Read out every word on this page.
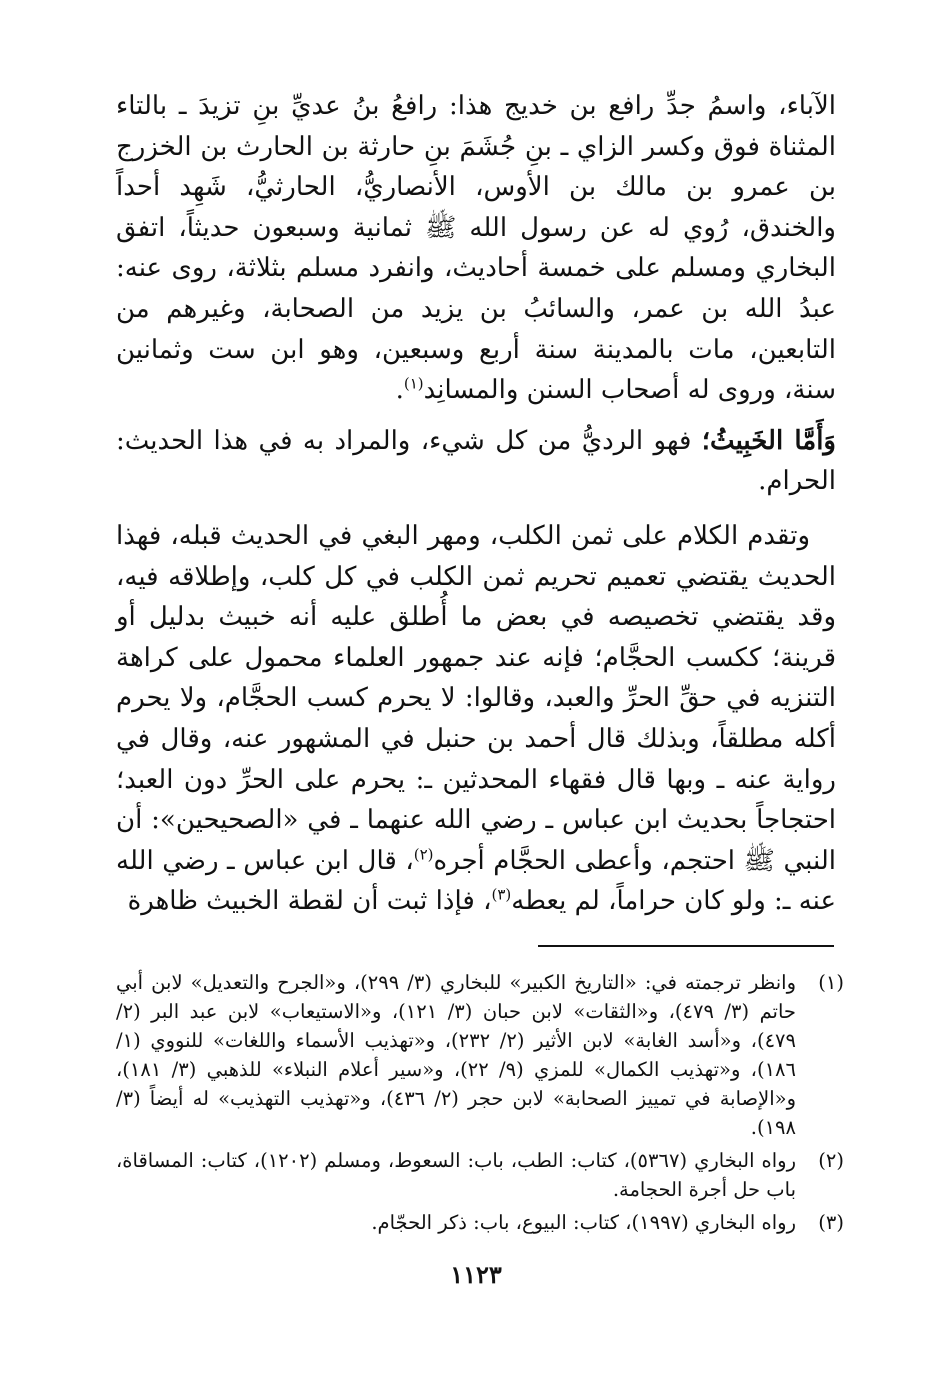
الآباء، واسمُ جدِّ رافع بن خديج هذا: رافعُ بنُ عديِّ بنِ تزيدَ ـ بالتاء المثناة فوق وكسر الزاي ـ بنِ جُشَمَ بنِ حارثة بن الحارث بن الخزرج بن عمرو بن مالك بن الأوس، الأنصاريُّ، الحارثيُّ، شَهِد أحداً والخندق، رُوي له عن رسول الله ﷺ ثمانية وسبعون حديثاً، اتفق البخاري ومسلم على خمسة أحاديث، وانفرد مسلم بثلاثة، روى عنه: عبدُ الله بن عمر، والسائبُ بن يزيد من الصحابة، وغيرهم من التابعين، مات بالمدينة سنة أربع وسبعين، وهو ابن ست وثمانين سنة، وروى له أصحاب السنن والمسانِد$^{(١)}$.

وَأَمَّا الخَبِيثُ؛ فهو الرديُّ من كل شيء، والمراد به في هذا الحديث: الحرام.

وتقدم الكلام على ثمن الكلب، ومهر البغي في الحديث قبله، فهذا الحديث يقتضي تعميم تحريم ثمن الكلب في كل كلب، وإطلاقه فيه، وقد يقتضي تخصيصه في بعض ما أُطلق عليه أنه خبيث بدليل أو قرينة؛ ككسب الحجَّام؛ فإنه عند جمهور العلماء محمول على كراهة التنزيه في حقِّ الحرِّ والعبد، وقالوا: لا يحرم كسب الحجَّام، ولا يحرم أكله مطلقاً، وبذلك قال أحمد بن حنبل في المشهور عنه، وقال في رواية عنه ـ وبها قال فقهاء المحدثين ـ: يحرم على الحرِّ دون العبد؛ احتجاجاً بحديث ابن عباس ـ رضي الله عنهما ـ في «الصحيحين»: أن النبي ﷺ احتجم، وأعطى الحجَّام أجره$^{(٢)}$، قال ابن عباس ـ رضي الله عنه ـ: ولو كان حراماً، لم يعطه$^{(٣)}$، فإذا ثبت أن لقطة الخبيث ظاهرة

(١)
وانظر ترجمته في: «التاريخ الكبير» للبخاري (٣/ ٢٩٩)، و«الجرح والتعديل» لابن أبي حاتم (٣/ ٤٧٩)، و«الثقات» لابن حبان (٣/ ١٢١)، و«الاستيعاب» لابن عبد البر (٢/ ٤٧٩)، و«أسد الغابة» لابن الأثير (٢/ ٢٣٢)، و«تهذيب الأسماء واللغات» للنووي (١/ ١٨٦)، و«تهذيب الكمال» للمزي (٩/ ٢٢)، و«سير أعلام النبلاء» للذهبي (٣/ ١٨١)، و«الإصابة في تمييز الصحابة» لابن حجر (٢/ ٤٣٦)، و«تهذيب التهذيب» له أيضاً (٣/ ١٩٨).
(٢)
رواه البخاري (٥٣٦٧)، كتاب: الطب، باب: السعوط، ومسلم (١٢٠٢)، كتاب: المساقاة، باب حل أجرة الحجامة.
(٣)
رواه البخاري (١٩٩٧)، كتاب: البيوع، باب: ذكر الحجّام.
١١٢٣
